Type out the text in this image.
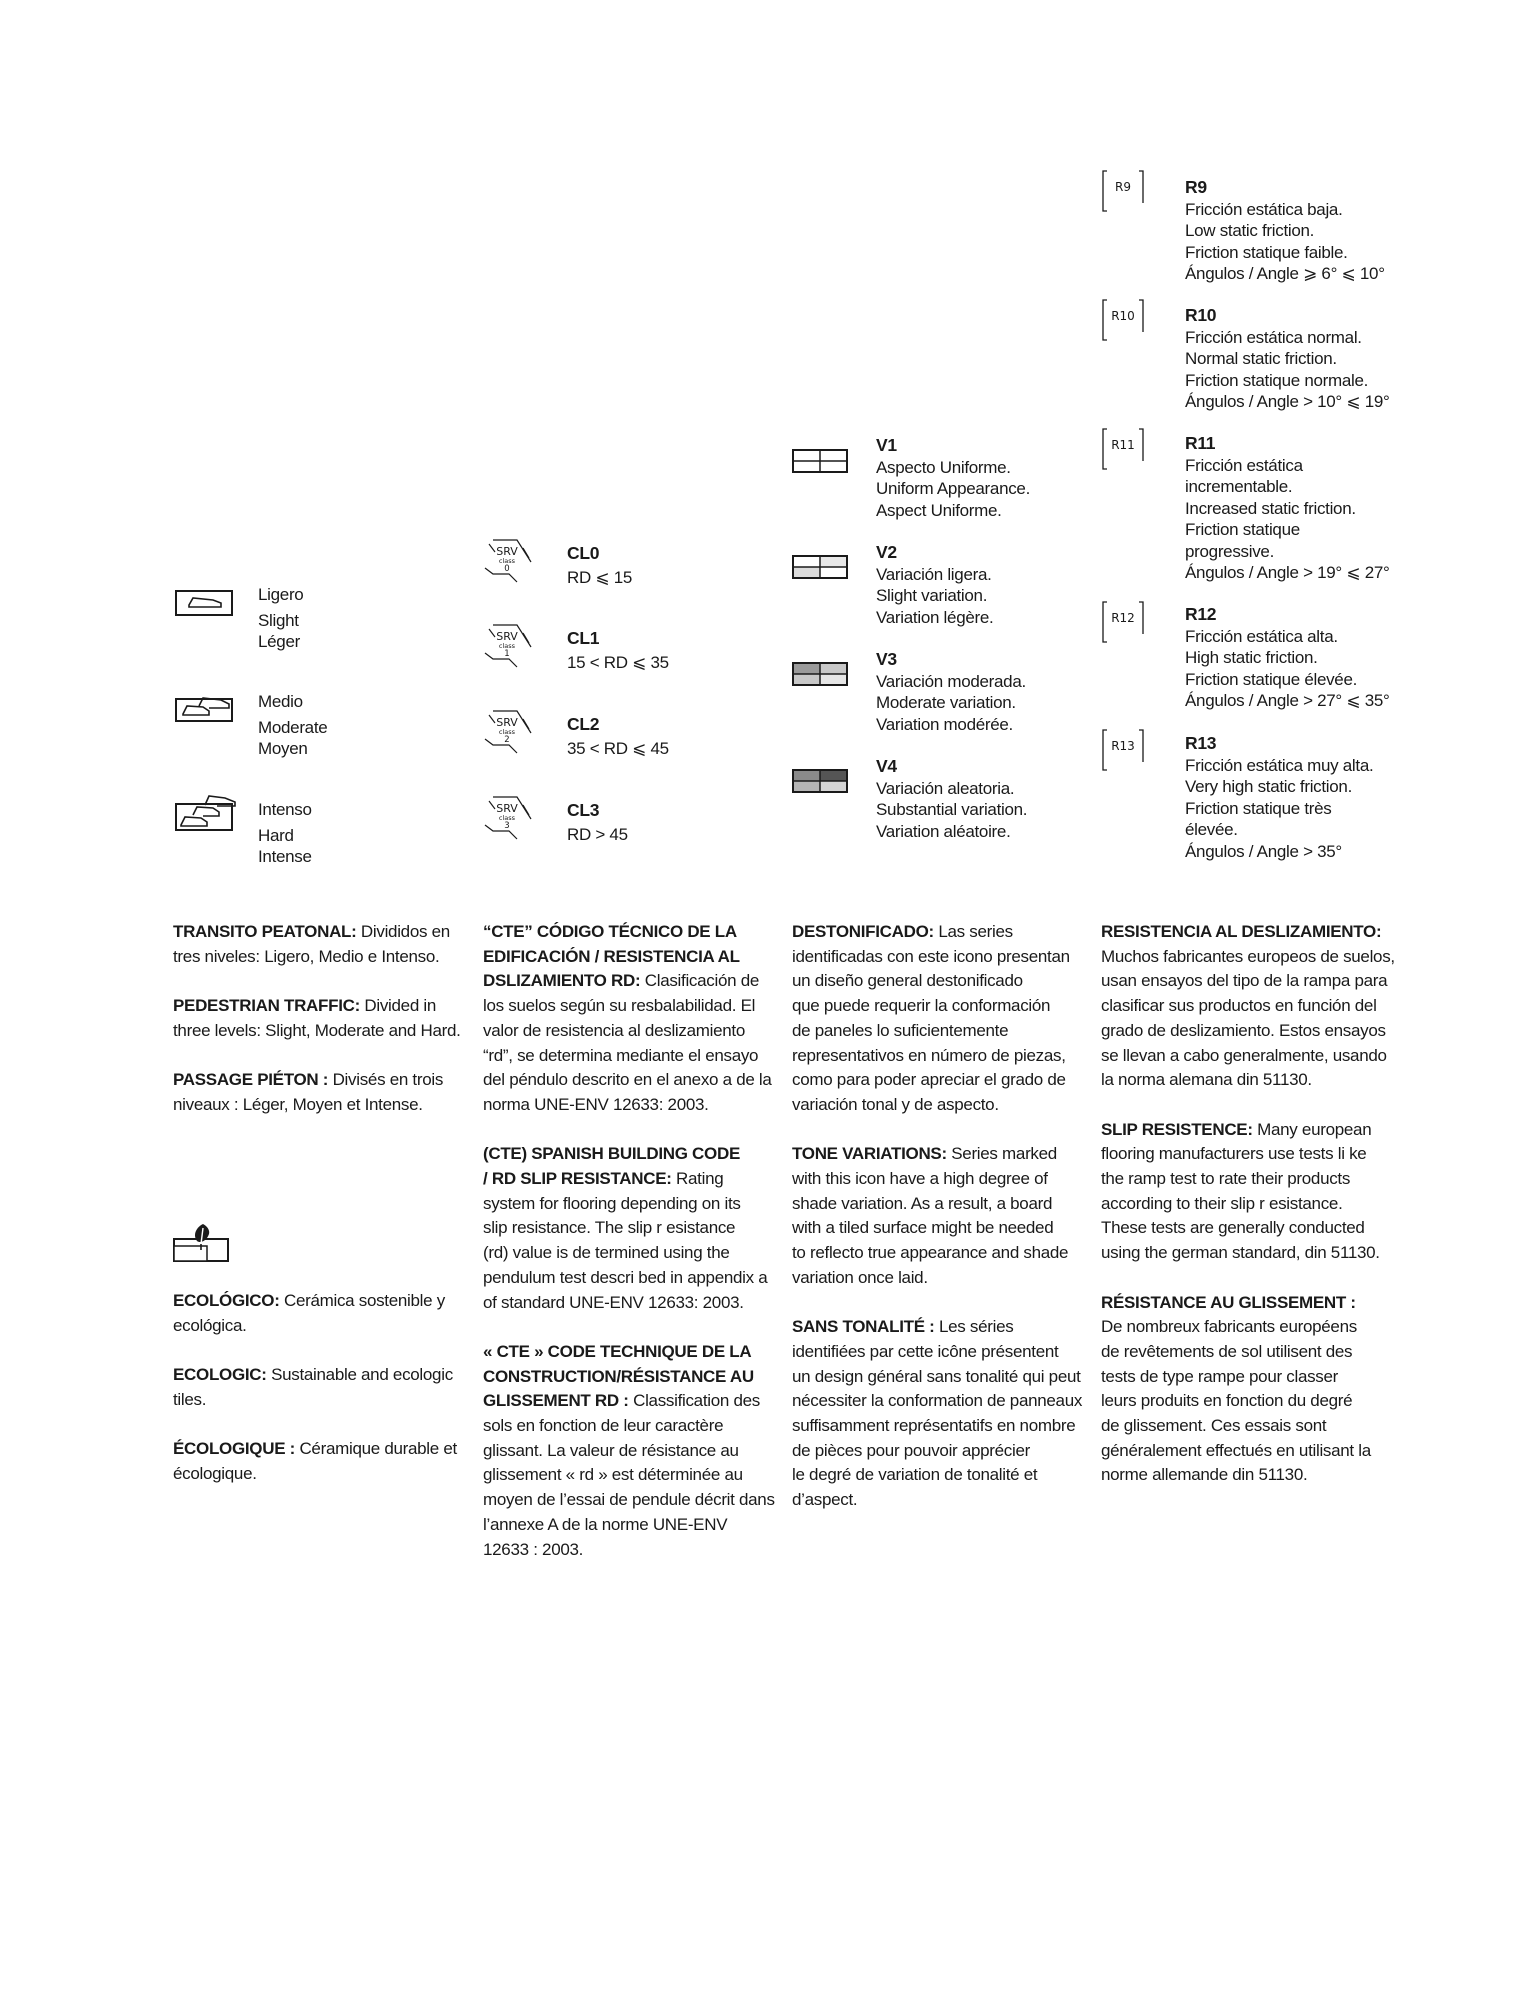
Ligero
Slight
Léger
Medio
Moderate
Moyen
Intenso
Hard
Intense
TRANSITO PEATONAL: Divididos en
tres niveles: Ligero, Medio e Intenso.
PEDESTRIAN TRAFFIC: Divided in
three levels: Slight, Moderate and Hard.
PASSAGE PIÉTON : Divisés en trois
niveaux : Léger, Moyen et Intense.
ECOLÓGICO: Cerámica sostenible y
ecológica.
ECOLOGIC: Sustainable and ecologic
tiles.
ÉCOLOGIQUE : Céramique durable et
écologique.
SRV
class
0
SRV
class
1
SRV
class
2
SRV
class
3
CL0
RD ⩽ 15
CL1
15 < RD ⩽ 35
CL2
35 < RD ⩽ 45
CL3
RD > 45
“CTE” CÓDIGO TÉCNICO DE LA
EDIFICACIÓN / RESISTENCIA AL
DSLIZAMIENTO RD: Clasificación de
los suelos según su resbalabilidad. El
valor de resistencia al deslizamiento
“rd”, se determina mediante el ensayo
del péndulo descrito en el anexo a de la
norma UNE-ENV 12633: 2003.
(CTE) SPANISH BUILDING CODE
/ RD SLIP RESISTANCE: Rating
system for flooring depending on its
slip resistance. The slip r esistance
(rd) value is de termined using the
pendulum test descri bed in appendix a
of standard UNE-ENV 12633: 2003.
« CTE » CODE TECHNIQUE DE LA
CONSTRUCTION/RÉSISTANCE AU
GLISSEMENT RD : Classification des
sols en fonction de leur caractère
glissant. La valeur de résistance au
glissement « rd » est déterminée au
moyen de l’essai de pendule décrit dans
l’annexe A de la norme UNE-ENV
12633 : 2003.
V1
Aspecto Uniforme.
Uniform Appearance.
Aspect Uniforme.
V2
Variación ligera.
Slight variation.
Variation légère.
V3
Variación moderada.
Moderate variation.
Variation modérée.
V4
Variación aleatoria.
Substantial variation.
Variation aléatoire.
DESTONIFICADO: Las series
identificadas con este icono presentan
un diseño general destonificado
que puede requerir la conformación
de paneles lo suficientemente
representativos en número de piezas,
como para poder apreciar el grado de
variación tonal y de aspecto.
TONE VARIATIONS: Series marked
with this icon have a high degree of
shade variation. As a result, a board
with a tiled surface might be needed
to reflecto true appearance and shade
variation once laid.
SANS TONALITÉ : Les séries
identifiées par cette icône présentent
un design général sans tonalité qui peut
nécessiter la conformation de panneaux
suffisamment représentatifs en nombre
de pièces pour pouvoir apprécier
le degré de variation de tonalité et
d’aspect.
R9
R10
R11
R12
R13
R9
Fricción estática baja.
Low static friction.
Friction statique faible.
Ángulos / Angle ⩾ 6° ⩽ 10°
R10
Fricción estática normal.
Normal static friction.
Friction statique normale.
Ángulos / Angle > 10° ⩽ 19°
R11
Fricción estática
incrementable.
Increased static friction.
Friction statique
progressive.
Ángulos / Angle > 19° ⩽ 27°
R12
Fricción estática alta.
High static friction.
Friction statique élevée.
Ángulos / Angle > 27° ⩽ 35°
R13
Fricción estática muy alta.
Very high static friction.
Friction statique très
élevée.
Ángulos / Angle > 35°
RESISTENCIA AL DESLIZAMIENTO:
Muchos fabricantes europeos de suelos,
usan ensayos del tipo de la rampa para
clasificar sus productos en función del
grado de deslizamiento. Estos ensayos
se llevan a cabo generalmente, usando
la norma alemana din 51130.
SLIP RESISTENCE: Many european
flooring manufacturers use tests li ke
the ramp test to rate their products
according to their slip r esistance.
These tests are generally conducted
using the german standard, din 51130.
RÉSISTANCE AU GLISSEMENT :
De nombreux fabricants européens
de revêtements de sol utilisent des
tests de type rampe pour classer
leurs produits en fonction du degré
de glissement. Ces essais sont
généralement effectués en utilisant la
norme allemande din 51130.
